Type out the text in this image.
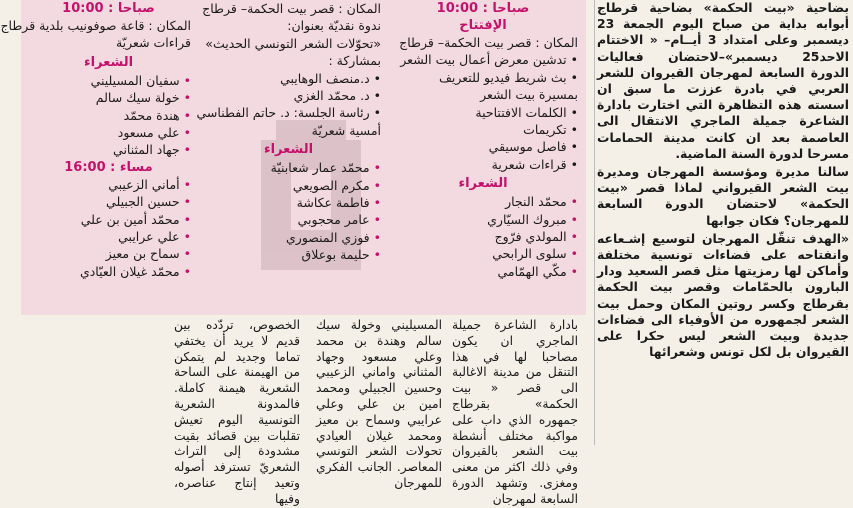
صباحا : 10:00
الإفتتاح
المكان : قصر بيت الحكمة– قرطاج
• تدشين معرض أعمال بيت الشعر
• بث شريط فيديو للتعريف
بمسيرة بيت الشعر
• الكلمات الافتتاحية
• تكريمات
• فاصل موسيقي
• قراءات شعرية
الشعراء
• محمّد النجار
• مبروك السيّاري
• المولدي فرّوج
• سلوى الرابحي
• مكّي الهمّامي
المكان : قصر بيت الحكمة– قرطاج
ندوة نقديّة بعنوان:
«تحوّلات الشعر التونسي الحديث»
بمشاركة :
• د.منصف الوهايبي
• د. محمّد الغزي
• رئاسة الجلسة: د. حاتم الفطناسي
أمسية شعريّة
الشعراء
• محمّد عمار شعابنيّة
• مكرم الصويعي
• فاطمة عكاشة
• عامر محجوبي
• فوزي المنصوري
• حليمة بوعلاق
صباحا : 10:00
المكان : قاعة صوفونيب بلدية قرطاج
قراءات شعريّة
الشعراء
• سفيان المسيليني
• خولة سيك سالم
• هندة محمّد
• علي مسعود
• جهاد المثناني
مساء : 16:00
• أماني الزعيبي
• حسين الجبيلي
• محمّد أمين بن علي
• علي عرايبي
• سماح بن معيز
• محمّد غيلان العيّادي

بضاحية «بيت الحكمة» بضاحية قرطاج أبوابه بداية من صباح اليوم الجمعة 23 ديسمبر وعلى امتداد 3 أيــام– « الاختتام الاحد25 ديسمبر»–لاحتضان فعاليات الدورة السابعة لمهرجان القيروان للشعر العربي في بادرة عززت ما سبق ان اسسته هذه التظاهرة التي اختارت بادارة الشاعرة جميلة الماجري الانتقال الى العاصمة بعد ان كانت مدينة الحمامات مسرحا لدورة السنة الماضية.

سالنا مديرة ومؤسسة المهرجان ومديرة بيت الشعر القيرواني لماذا قصر «بيت الحكمة» لاحتضان الدورة السابعة للمهرجان؟ فكان جوابها

«الهدف تنقّل المهرجان لتوسيع إشـعاعه وانفتاحه على فضاءات تونسية مختلفة وأماكن لها رمزيتها مثل قصر السعيد ودار البارون بالحمّامات وقصر بيت الحكمة بقرطاج وكسر روتين المكان وحمل بيت الشعر لجمهوره من الأوفياء الى فضاءات جديدة وبيت الشعر ليس حكرا على القيروان بل لكل تونس وشعرائها

بادارة الشاعرة جميلة الماجري ان يكون مصاحبا لها في هذا التنقل من مدينة الاغالبة الى قصر « بيت الحكمة» بقرطاج جمهوره الذي داب على مواكبة مختلف أنشطة بيت الشعر بالقيروان وفي ذلك اكثر من معنى ومغزى. وتشهد الدورة السابعة لمهرجان
المسيليني وخولة سيك سالم وهندة بن محمد وعلي مسعود وجهاد المثناني واماني الزعيبي وحسين الجبيلي ومحمد امين بن علي وعلي عرايبي وسماح بن معيز ومحمد غيلان العيادي تحولات الشعر التونسي المعاصر. الجانب الفكري للمهرجان
الخصوص، تردّده بين قديم لا يريد أن يختفي تماما وجديد لم يتمكن من الهيمنة على الساحة الشعرية هيمنة كاملة. فالمدونة الشعرية التونسية اليوم تعيش تقلبات بين قصائد بقيت مشدودة إلى التراث الشعريّ تسترفد أصوله وتعيد إنتاج عناصره، وفيها
